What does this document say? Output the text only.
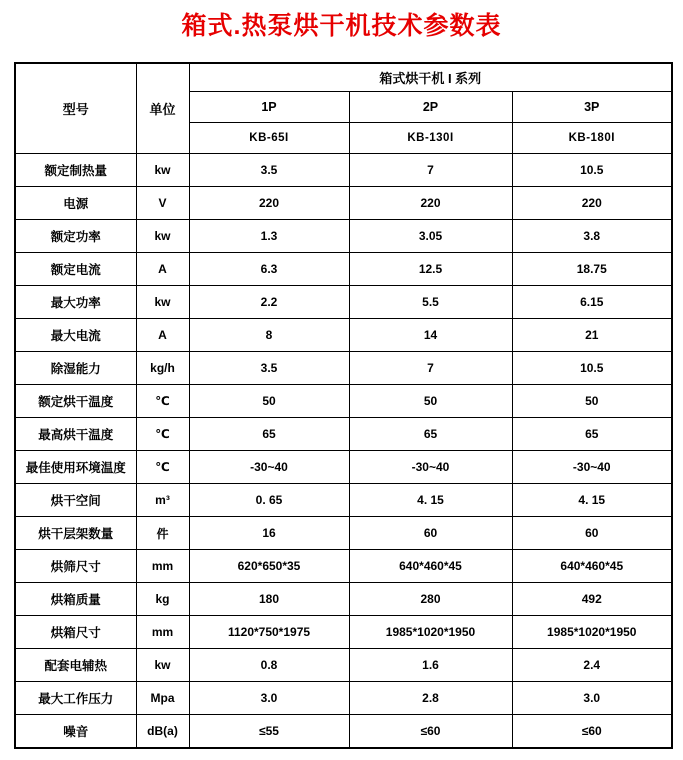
箱式.热泵烘干机技术参数表
型号	单位	箱式烘干机 I 系列		
		1P	2P	3P
		KB-65I	KB-130I	KB-180I
额定制热量	kw	3.5	7	10.5
电源	V	220	220	220
额定功率	kw	1.3	3.05	3.8
额定电流	A	6.3	12.5	18.75
最大功率	kw	2.2	5.5	6.15
最大电流	A	8	14	21
除湿能力	kg/h	3.5	7	10.5
额定烘干温度	℃	50	50	50
最高烘干温度	℃	65	65	65
最佳使用环境温度	℃	-30~40	-30~40	-30~40
烘干空间	m³	0. 65	4. 15	4. 15
烘干层架数量	件	16	60	60
烘筛尺寸	mm	620*650*35	640*460*45	640*460*45
烘箱质量	kg	180	280	492
烘箱尺寸	mm	1120*750*1975	1985*1020*1950	1985*1020*1950
配套电辅热	kw	0.8	1.6	2.4
最大工作压力	Mpa	3.0	2.8	3.0
噪音	dB(a)	≤55	≤60	≤60
